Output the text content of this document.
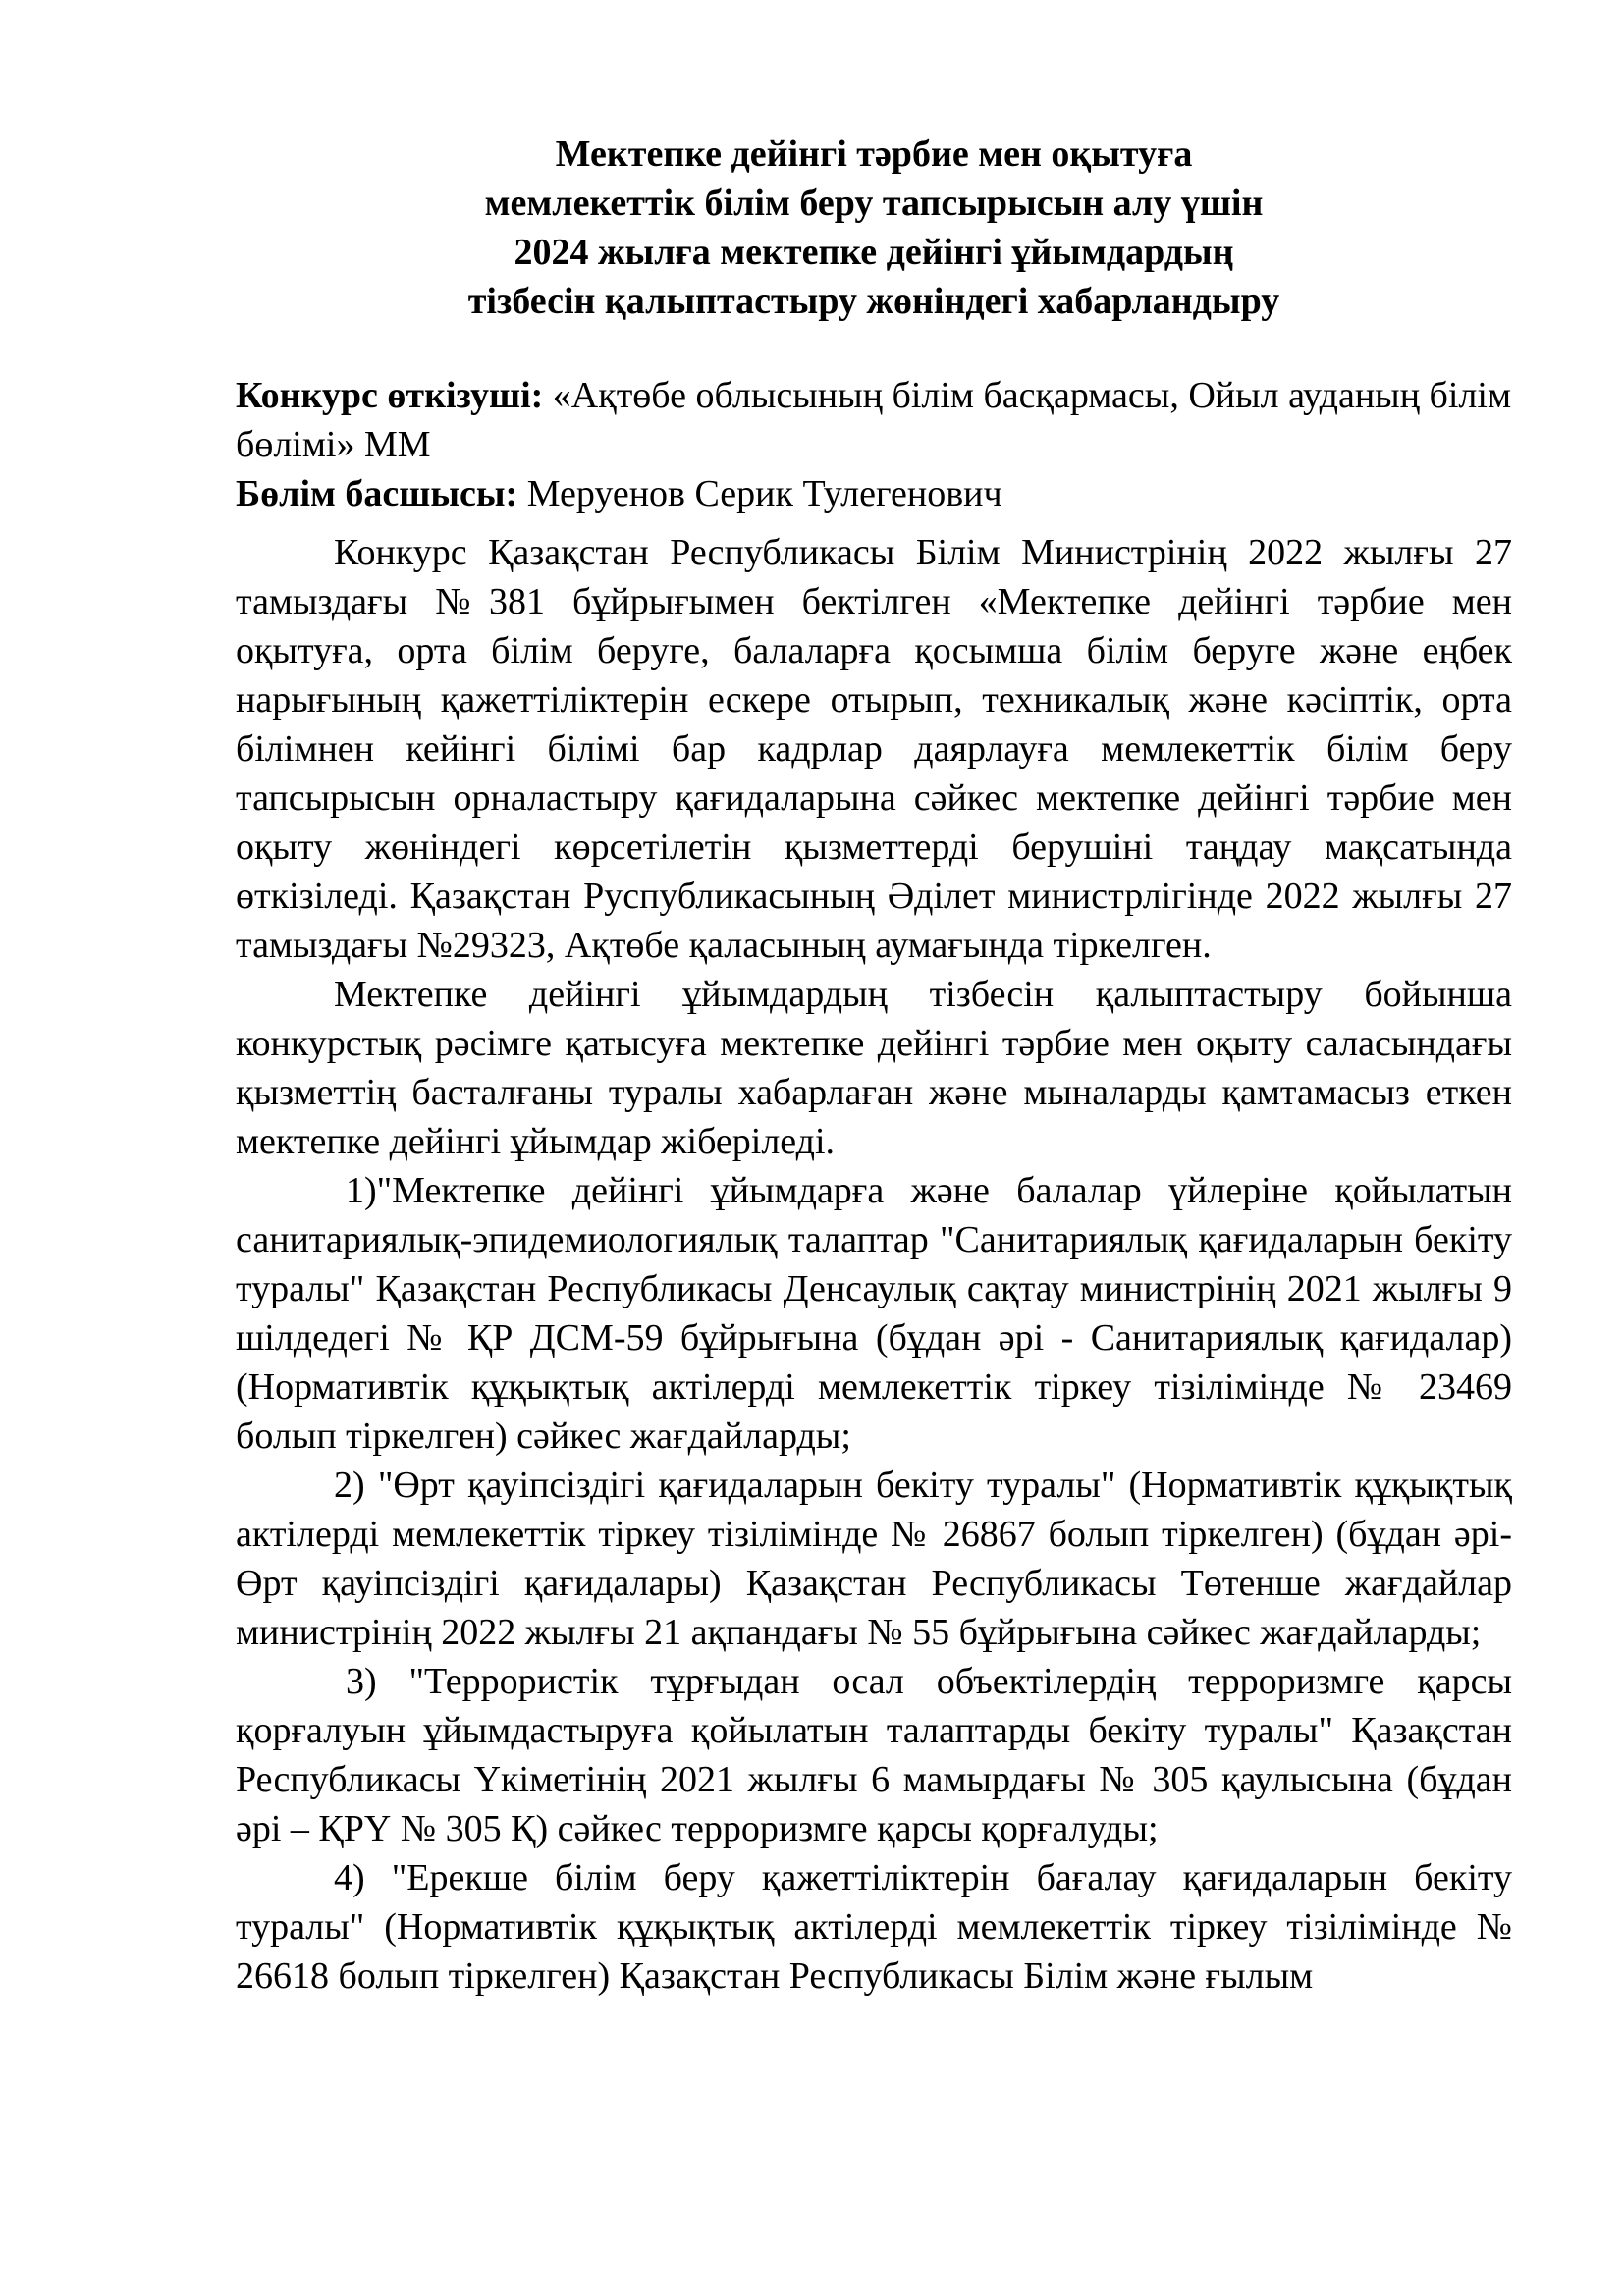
Мектепке дейінгі тәрбие мен оқытуға
мемлекеттік білім беру тапсырысын алу үшін
2024 жылға мектепке дейінгі ұйымдардың
тізбесін қалыптастыру жөніндегі хабарландыру
Конкурс өткізуші: «Ақтөбе облысының білім басқармасы, Ойыл ауданың білім бөлімі» ММ
Бөлім басшысы: Меруенов Серик Тулегенович

Конкурс Қазақстан Республикасы Білім Министрінің 2022 жылғы 27 тамыздағы №381 бұйрығымен бектілген «Мектепке дейінгі тәрбие мен оқытуға, орта білім беруге, балаларға қосымша білім беруге және еңбек нарығының қажеттіліктерін ескере отырып, техникалық және кәсіптік, орта білімнен кейінгі білімі бар кадрлар даярлауға мемлекеттік білім беру тапсырысын орналастыру қағидаларына сәйкес мектепке дейінгі тәрбие мен оқыту жөніндегі көрсетілетін қызметтерді берушіні таңдау мақсатында өткізіледі. Қазақстан Руспубликасының Әділет министрлігінде 2022 жылғы 27 тамыздағы №29323, Ақтөбе қаласының аумағында тіркелген.

Мектепке дейінгі ұйымдардың тізбесін қалыптастыру бойынша конкурстық рәсімге қатысуға мектепке дейінгі тәрбие мен оқыту саласындағы қызметтің басталғаны туралы хабарлаған және мыналарды қамтамасыз еткен мектепке дейінгі ұйымдар жіберіледі.

1)"Мектепке дейінгі ұйымдарға және балалар үйлеріне қойылатын санитариялық-эпидемиологиялық талаптар "Санитариялық қағидаларын бекіту туралы" Қазақстан Республикасы Денсаулық сақтау министрінің 2021 жылғы 9 шілдедегі № ҚР ДСМ-59 бұйрығына (бұдан әрі - Санитариялық қағидалар) (Нормативтік құқықтық актілерді мемлекеттік тіркеу тізілімінде № 23469 болып тіркелген) сәйкес жағдайларды;

2) "Өрт қауіпсіздігі қағидаларын бекіту туралы" (Нормативтік құқықтық актілерді мемлекеттік тіркеу тізілімінде № 26867 болып тіркелген) (бұдан әрі-Өрт қауіпсіздігі қағидалары) Қазақстан Республикасы Төтенше жағдайлар министрінің 2022 жылғы 21 ақпандағы № 55 бұйрығына сәйкес жағдайларды;

3) "Террористік тұрғыдан осал объектілердің терроризмге қарсы қорғалуын ұйымдастыруға қойылатын талаптарды бекіту туралы" Қазақстан Республикасы Үкіметінің 2021 жылғы 6 мамырдағы № 305 қаулысына (бұдан әрі – ҚРҮ № 305 Қ) сәйкес терроризмге қарсы қорғалуды;

4) "Ерекше білім беру қажеттіліктерін бағалау қағидаларын бекіту туралы" (Нормативтік құқықтық актілерді мемлекеттік тіркеу тізілімінде № 26618 болып тіркелген) Қазақстан Республикасы Білім және ғылым
